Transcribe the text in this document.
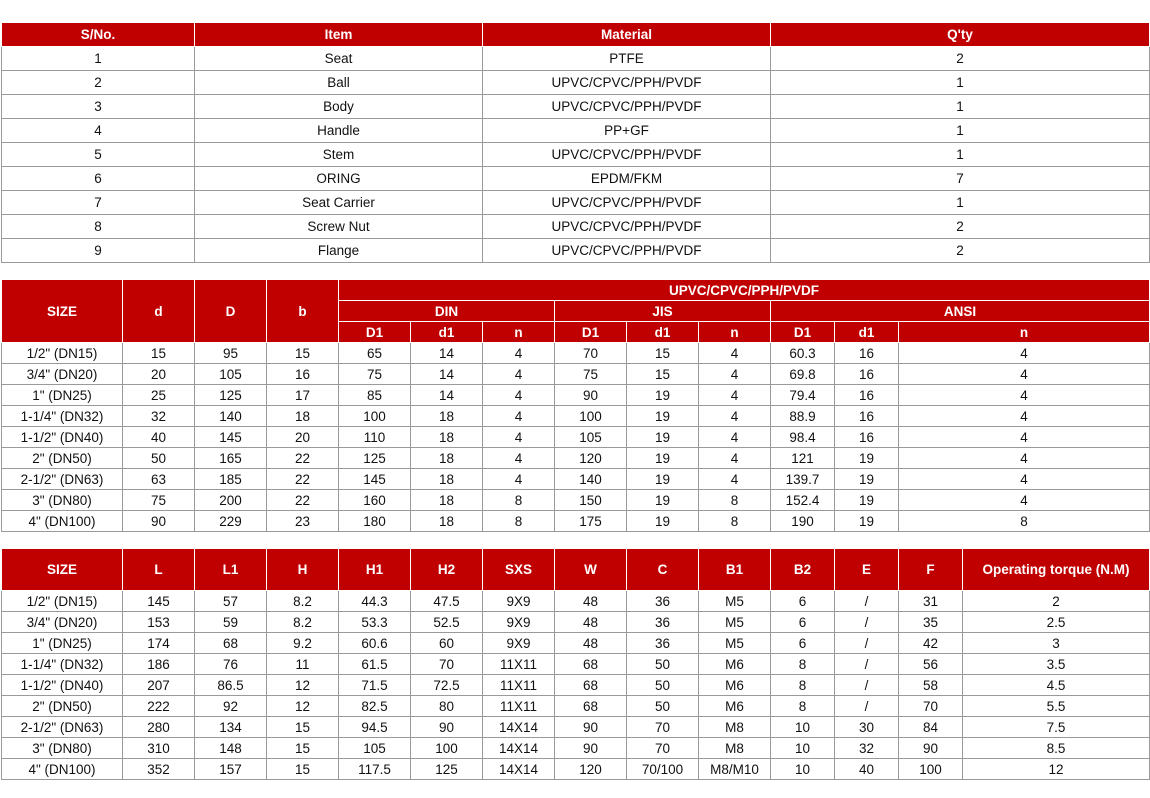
S/No.	Item	Material	Q'ty
1	Seat	PTFE	2
2	Ball	UPVC/CPVC/PPH/PVDF	1
3	Body	UPVC/CPVC/PPH/PVDF	1
4	Handle	PP+GF	1
5	Stem	UPVC/CPVC/PPH/PVDF	1
6	ORING	EPDM/FKM	7
7	Seat Carrier	UPVC/CPVC/PPH/PVDF	1
8	Screw Nut	UPVC/CPVC/PPH/PVDF	2
9	Flange	UPVC/CPVC/PPH/PVDF	2
SIZE	d	D	b	UPVC/CPVC/PPH/PVDF								
				DIN			JIS			ANSI		
				D1	d1	n	D1	d1	n	D1	d1	n
1/2" (DN15)	15	95	15	65	14	4	70	15	4	60.3	16	4
3/4" (DN20)	20	105	16	75	14	4	75	15	4	69.8	16	4
1" (DN25)	25	125	17	85	14	4	90	19	4	79.4	16	4
1-1/4" (DN32)	32	140	18	100	18	4	100	19	4	88.9	16	4
1-1/2" (DN40)	40	145	20	110	18	4	105	19	4	98.4	16	4
2" (DN50)	50	165	22	125	18	4	120	19	4	121	19	4
2-1/2" (DN63)	63	185	22	145	18	4	140	19	4	139.7	19	4
3" (DN80)	75	200	22	160	18	8	150	19	8	152.4	19	4
4" (DN100)	90	229	23	180	18	8	175	19	8	190	19	8
SIZE	L	L1	H	H1	H2	SXS	W	C	B1	B2	E	F	Operating torque (N.M)
1/2" (DN15)	145	57	8.2	44.3	47.5	9X9	48	36	M5	6	/	31	2
3/4" (DN20)	153	59	8.2	53.3	52.5	9X9	48	36	M5	6	/	35	2.5
1" (DN25)	174	68	9.2	60.6	60	9X9	48	36	M5	6	/	42	3
1-1/4" (DN32)	186	76	11	61.5	70	11X11	68	50	M6	8	/	56	3.5
1-1/2" (DN40)	207	86.5	12	71.5	72.5	11X11	68	50	M6	8	/	58	4.5
2" (DN50)	222	92	12	82.5	80	11X11	68	50	M6	8	/	70	5.5
2-1/2" (DN63)	280	134	15	94.5	90	14X14	90	70	M8	10	30	84	7.5
3" (DN80)	310	148	15	105	100	14X14	90	70	M8	10	32	90	8.5
4" (DN100)	352	157	15	117.5	125	14X14	120	70/100	M8/M10	10	40	100	12
